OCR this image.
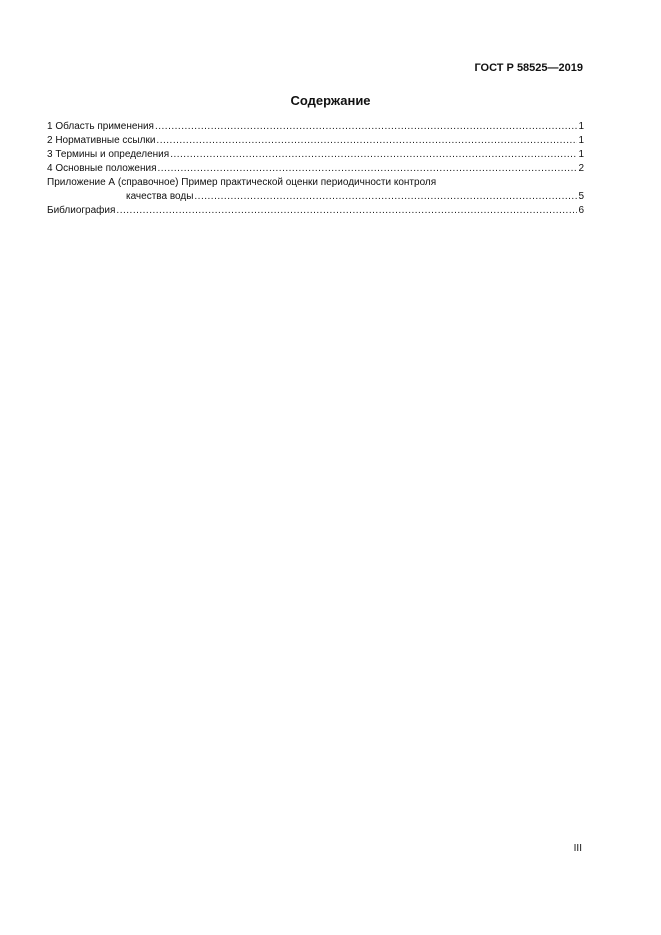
ГОСТ Р 58525—2019
Содержание
1 Область применения .....	1
2 Нормативные ссылки .....	1
3 Термины и определения .....	1
4 Основные положения .....	2
Приложение А (справочное) Пример практической оценки периодичности контроля
качества воды .....	5
Библиография .....	6
III
